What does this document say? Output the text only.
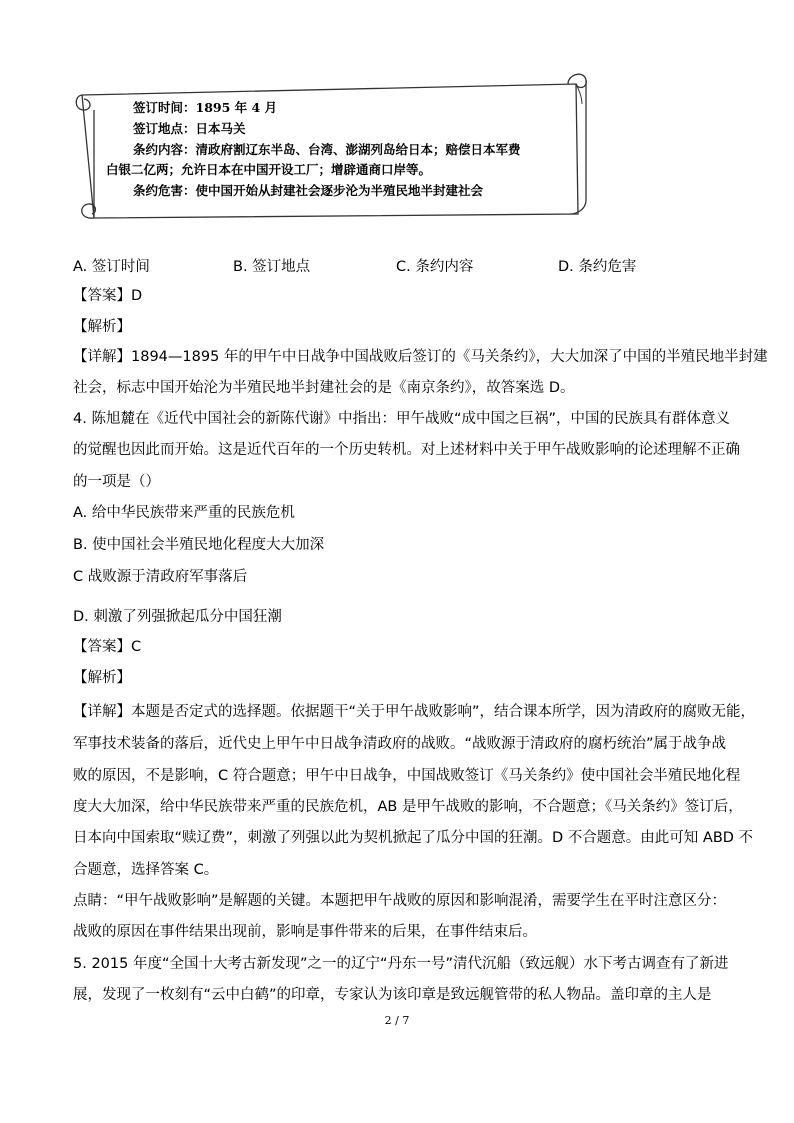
签订时间：1895 年 4 月
签订地点：日本马关
条约内容：清政府割辽东半岛、台湾、澎湖列岛给日本；赔偿日本军费
白银二亿两；允许日本在中国开设工厂；增辟通商口岸等。
条约危害：使中国开始从封建社会逐步沦为半殖民地半封建社会
A. 签订时间	B. 签订地点	C. 条约内容	D. 条约危害
【答案】D
【解析】
【详解】1894—1895 年的甲午中日战争中国战败后签订的《马关条约》，大大加深了中国的半殖民地半封建
社会，标志中国开始沦为半殖民地半封建社会的是《南京条约》，故答案选 D。
4. 陈旭麓在《近代中国社会的新陈代谢》中指出：甲午战败“成中国之巨祸”，中国的民族具有群体意义
的觉醒也因此而开始。这是近代百年的一个历史转机。对上述材料中关于甲午战败影响的论述理解不正确
的一项是（）
A. 给中华民族带来严重的民族危机
B. 使中国社会半殖民地化程度大大加深
C 战败源于清政府军事落后
D. 刺激了列强掀起瓜分中国狂潮
【答案】C
【解析】
【详解】本题是否定式的选择题。依据题干“关于甲午战败影响”，结合课本所学，因为清政府的腐败无能，
军事技术装备的落后，近代史上甲午中日战争清政府的战败。“战败源于清政府的腐朽统治”属于战争战
败的原因，不是影响，C 符合题意；甲午中日战争，中国战败签订《马关条约》使中国社会半殖民地化程
度大大加深，给中华民族带来严重的民族危机，AB 是甲午战败的影响，不合题意；《马关条约》签订后，
日本向中国索取“赎辽费”，刺激了列强以此为契机掀起了瓜分中国的狂潮。D 不合题意。由此可知 ABD 不
合题意，选择答案 C。
点睛：“甲午战败影响”是解题的关键。本题把甲午战败的原因和影响混淆，需要学生在平时注意区分：
战败的原因在事件结果出现前，影响是事件带来的后果，在事件结束后。
5. 2015 年度“全国十大考古新发现”之一的辽宁“丹东一号”清代沉船（致远舰）水下考古调查有了新进
展，发现了一枚刻有“云中白鹤”的印章，专家认为该印章是致远舰管带的私人物品。盖印章的主人是
2 / 7
